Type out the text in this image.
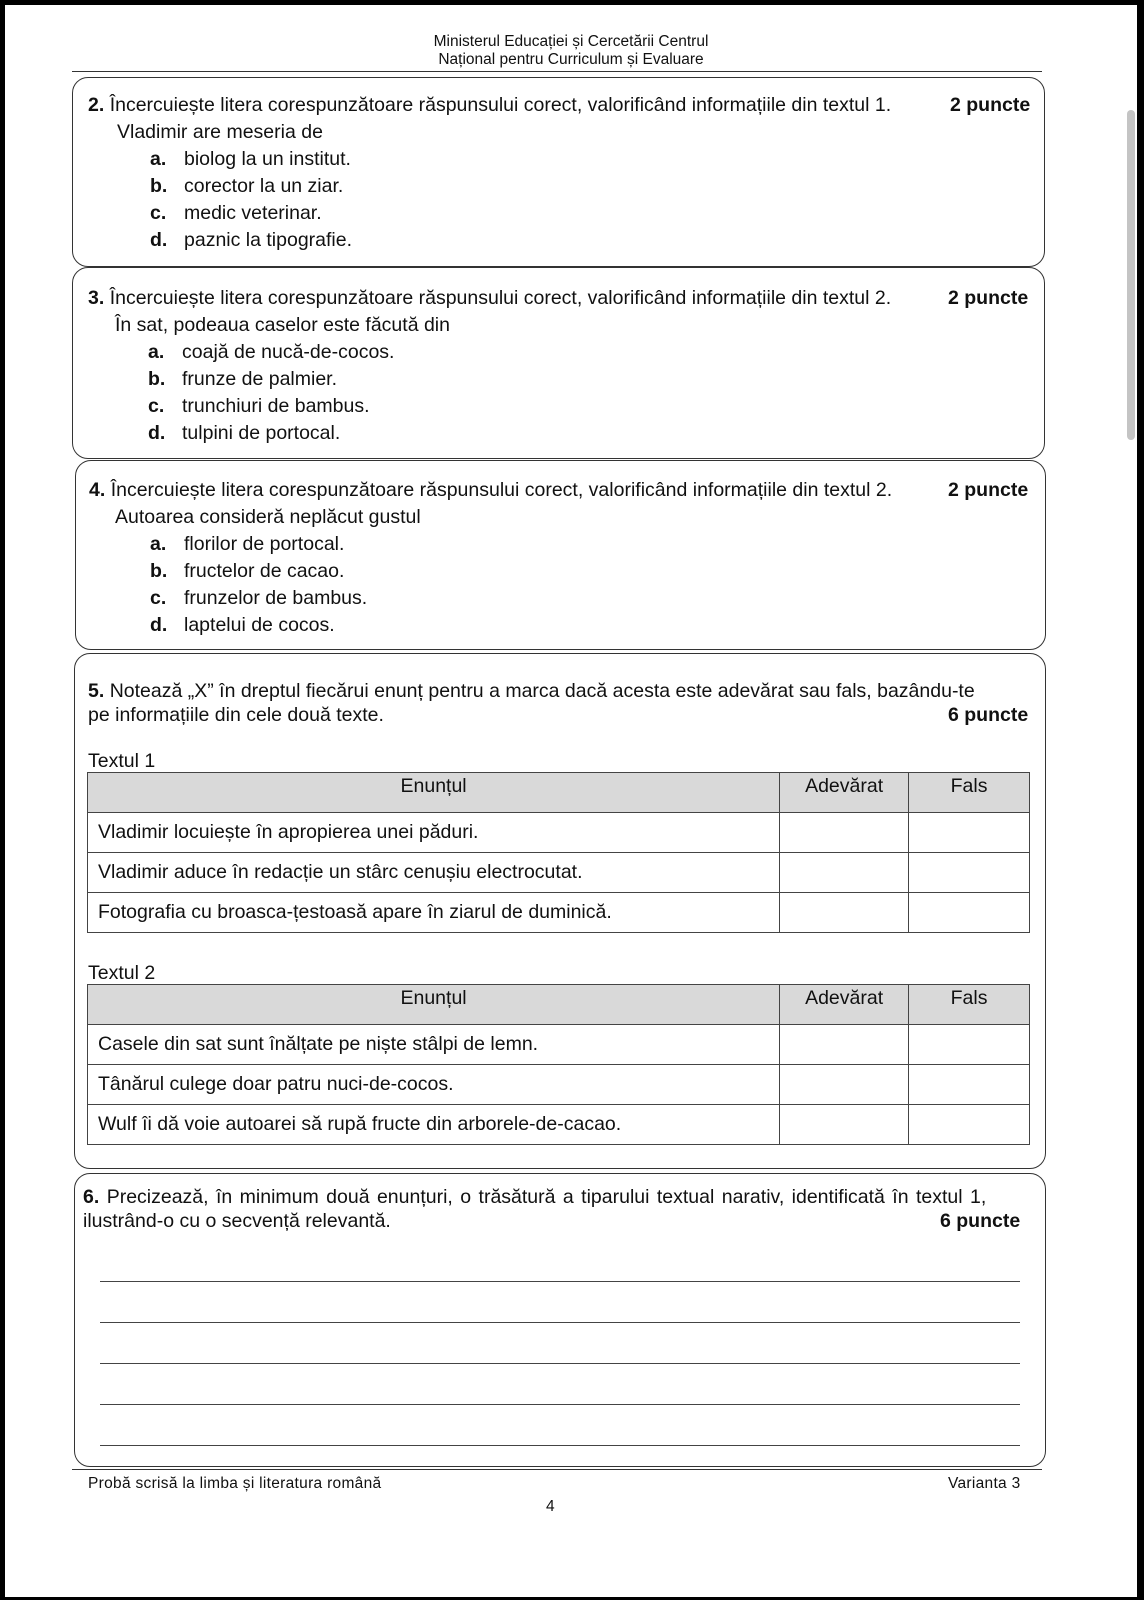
Ministerul Educației și Cercetării Centrul
Național pentru Curriculum și Evaluare
2. Încercuiește litera corespunzătoare răspunsului corect, valorificând informațiile din textul 1.	2 puncte
Vladimir are meseria de
a. biolog la un institut.
b. corector la un ziar.
c. medic veterinar.
d. paznic la tipografie.
3. Încercuiește litera corespunzătoare răspunsului corect, valorificând informațiile din textul 2.	2 puncte
În sat, podeaua caselor este făcută din
a. coajă de nucă-de-cocos.
b. frunze de palmier.
c. trunchiuri de bambus.
d. tulpini de portocal.
4. Încercuiește litera corespunzătoare răspunsului corect, valorificând informațiile din textul 2.	2 puncte
Autoarea consideră neplăcut gustul
a. florilor de portocal.
b. fructelor de cacao.
c. frunzelor de bambus.
d. laptelui de cocos.
5. Notează „X” în dreptul fiecărui enunț pentru a marca dacă acesta este adevărat sau fals, bazându-te
pe informațiile din cele două texte.	6 puncte
Textul 1
Enunțul	Adevărat	Fals
Vladimir locuiește în apropierea unei păduri.		
Vladimir aduce în redacție un stârc cenușiu electrocutat.		
Fotografia cu broasca-țestoasă apare în ziarul de duminică.		
Textul 2
Enunțul	Adevărat	Fals
Casele din sat sunt înălțate pe niște stâlpi de lemn.		
Tânărul culege doar patru nuci-de-cocos.		
Wulf îi dă voie autoarei să rupă fructe din arborele-de-cacao.		
6. Precizează, în minimum două enunțuri, o trăsătură a tiparului textual narativ, identificată în textul 1,
ilustrând-o cu o secvență relevantă.	6 puncte
Probă scrisă la limba și literatura română	Varianta 3
4
